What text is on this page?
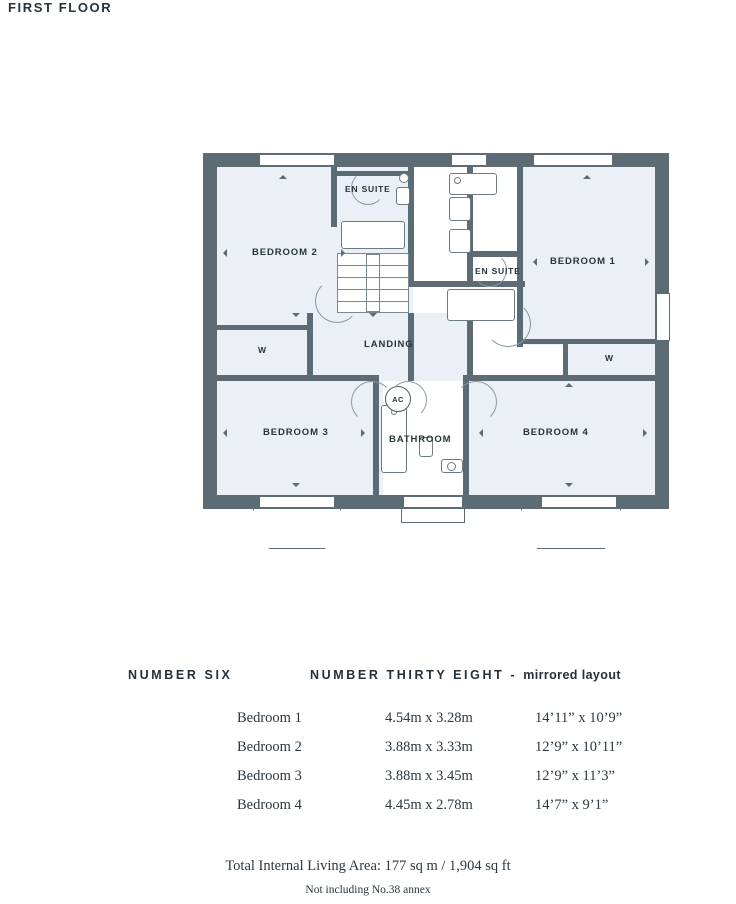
FIRST FLOOR
W
W
AC
BEDROOM 2
BEDROOM 1
BEDROOM 3	BEDROOM 4
EN SUITE
EN SUITE
LANDING
BATHROOM
NUMBER SIX	NUMBER THIRTY EIGHT - mirrored layout
Bedroom 1	4.54m x 3.28m	14’11” x 10’9”
Bedroom 2	3.88m x 3.33m	12’9” x 10’11”
Bedroom 3	3.88m x 3.45m	12’9” x 11’3”
Bedroom 4	4.45m x 2.78m	14’7” x 9’1”
Total Internal Living Area: 177 sq m / 1,904 sq ft
Not including No.38 annex
